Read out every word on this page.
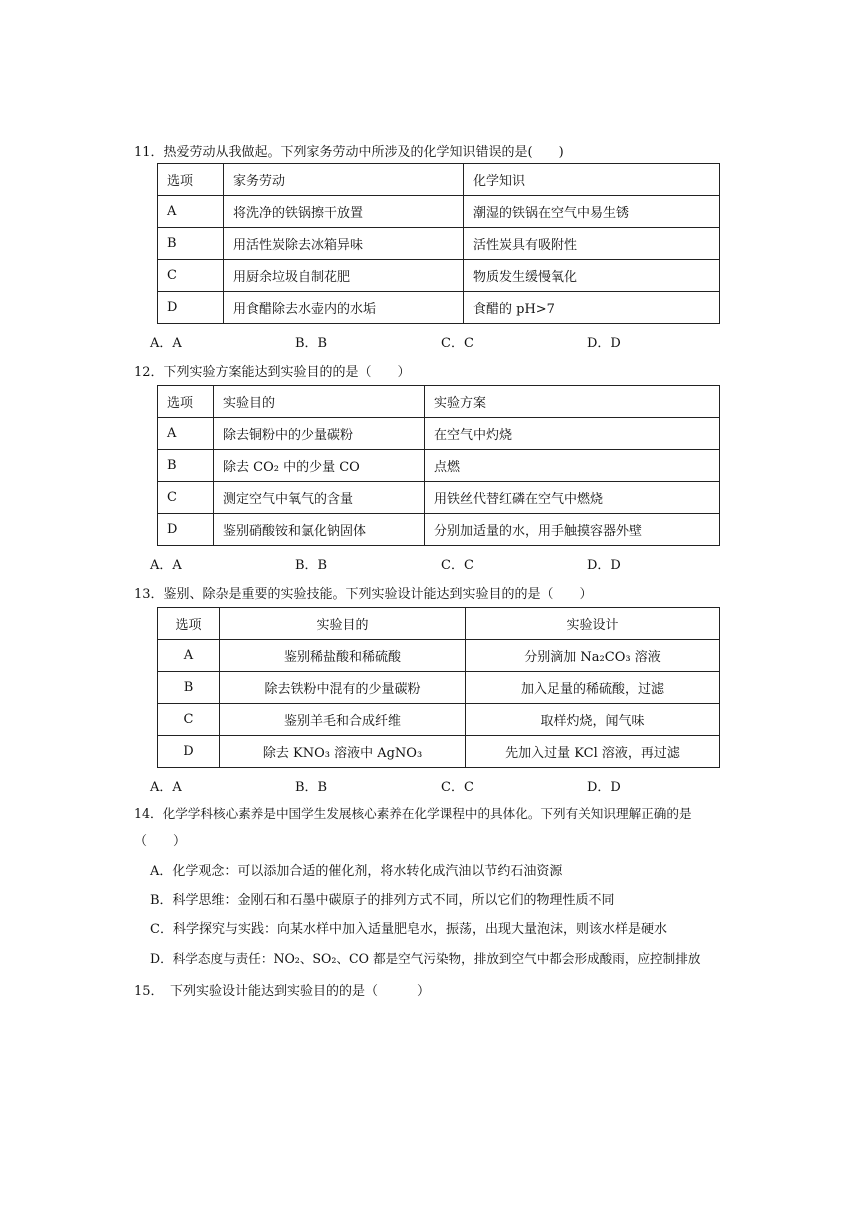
11．热爱劳动从我做起。下列家务劳动中所涉及的化学知识错误的是(　　)
选项	家务劳动	化学知识
A	将洗净的铁锅擦干放置	潮湿的铁锅在空气中易生锈
B	用活性炭除去冰箱异味	活性炭具有吸附性
C	用厨余垃圾自制花肥	物质发生缓慢氧化
D	用食醋除去水壶内的水垢	食醋的 pH>7
A．A	B．B	C．C	D．D
12．下列实验方案能达到实验目的的是（　　）
选项	实验目的	实验方案
A	除去铜粉中的少量碳粉	在空气中灼烧
B	除去 CO₂ 中的少量 CO	点燃
C	测定空气中氧气的含量	用铁丝代替红磷在空气中燃烧
D	鉴别硝酸铵和氯化钠固体	分别加适量的水，用手触摸容器外壁
A．A	B．B	C．C	D．D
13．鉴别、除杂是重要的实验技能。下列实验设计能达到实验目的的是（　　）
选项	实验目的	实验设计
A	鉴别稀盐酸和稀硫酸	分别滴加 Na₂CO₃ 溶液
B	除去铁粉中混有的少量碳粉	加入足量的稀硫酸，过滤
C	鉴别羊毛和合成纤维	取样灼烧，闻气味
D	除去 KNO₃ 溶液中 AgNO₃	先加入过量 KCl 溶液，再过滤
A．A	B．B	C．C	D．D
14．化学学科核心素养是中国学生发展核心素养在化学课程中的具体化。下列有关知识理解正确的是
（　　）
A．化学观念：可以添加合适的催化剂，将水转化成汽油以节约石油资源
B．科学思维：金刚石和石墨中碳原子的排列方式不同，所以它们的物理性质不同
C．科学探究与实践：向某水样中加入适量肥皂水，振荡，出现大量泡沫，则该水样是硬水
D．科学态度与责任：NO₂、SO₂、CO 都是空气污染物，排放到空气中都会形成酸雨，应控制排放
15．　下列实验设计能达到实验目的的是（　　　）
